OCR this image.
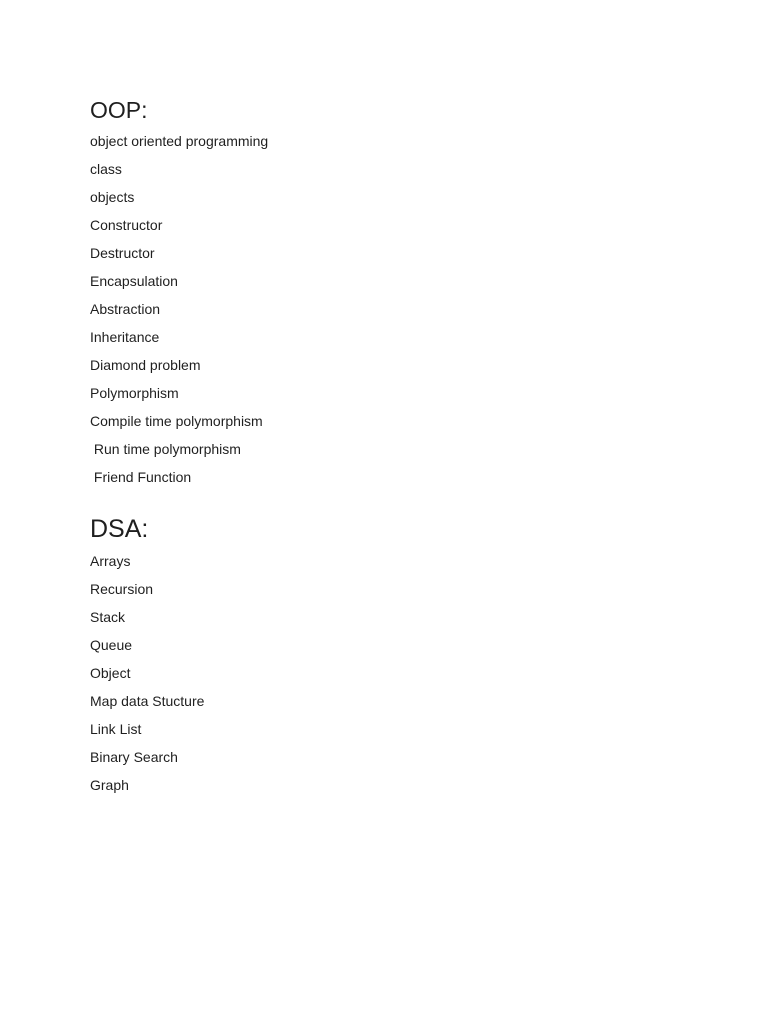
OOP:
object oriented programming
class
objects
Constructor
Destructor
Encapsulation
Abstraction
Inheritance
Diamond problem
Polymorphism
Compile time polymorphism
Run time polymorphism
Friend Function
DSA:
Arrays
Recursion
Stack
Queue
Object
Map data Stucture
Link List
Binary Search
Graph
